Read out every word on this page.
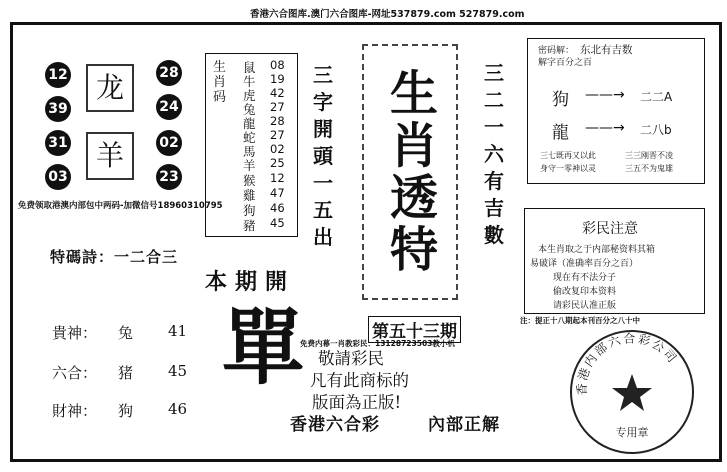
香港六合图库.澳门六合图库-网址537879.com 527879.com
12
39
31
03
28
24
02
23
龙
羊
免费领取港澳内部包中两码-加微信号18960310795
生肖码
鼠
牛
虎
兔
龍
蛇
馬
羊
猴
雞
狗
豬
08
19
42
27
28
27
02
25
12
47
46
45
三
字
開
頭
一
五
出
生
肖
透
特
三
二
一
六
有
吉
數
密码解： 东北有吉数
解字百分之百
狗 ——→ 二二A
龍 ——→ 二八b
三七既再又以此
身守一零神以灵
三三刚晋不凌
三五不为鬼雄
彩民注意
本生肖取之于内部秘资料其箱
易破译（准确率百分之百）
现在有不法分子
偷改复印本资料
请彩民认准正版
注：提正十八期起本刊百分之八十中
特碼詩：一二合三
本期開
貴神： 兔 41
六合： 猪 45
財神： 狗 46
單	第五十三期
免费内幕一肖教彩民：13128723503教小机
敬請彩民
凡有此商标的
版面為正版!
香港六合彩	內部正解
香港内部六合彩公司
专用章
